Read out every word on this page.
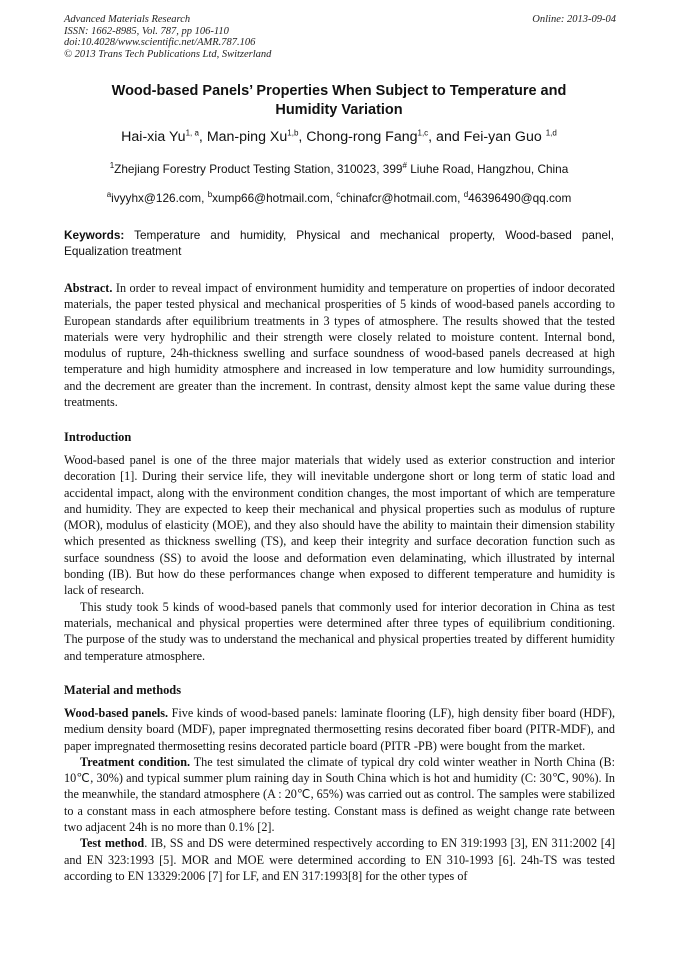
Advanced Materials Research
ISSN: 1662-8985, Vol. 787, pp 106-110
doi:10.4028/www.scientific.net/AMR.787.106
© 2013 Trans Tech Publications Ltd, Switzerland
Online: 2013-09-04
Wood-based Panels’ Properties When Subject to Temperature and
Humidity Variation
Hai-xia Yu$^{1, a}$, Man-ping Xu$^{1,b}$, Chong-rong Fang$^{1,c}$, and Fei-yan Guo $^{1,d}$
$^1$Zhejiang Forestry Product Testing Station, 310023, 399# Liuhe Road, Hangzhou, China
$^a$ivyyhx@126.com, $^b$xump66@hotmail.com, $^c$chinafcr@hotmail.com, $^d$46396490@qq.com
Keywords: Temperature and humidity, Physical and mechanical property, Wood-based panel, Equalization treatment

Abstract. In order to reveal impact of environment humidity and temperature on properties of indoor decorated materials, the paper tested physical and mechanical prosperities of 5 kinds of wood-based panels according to European standards after equilibrium treatments in 3 types of atmosphere. The results showed that the tested materials were very hydrophilic and their strength were closely related to moisture content. Internal bond, modulus of rupture, 24h-thickness swelling and surface soundness of wood-based panels decreased at high temperature and high humidity atmosphere and increased in low temperature and low humidity surroundings, and the decrement are greater than the increment. In contrast, density almost kept the same value during these treatments.

Introduction

Wood-based panel is one of the three major materials that widely used as exterior construction and interior decoration [1]. During their service life, they will inevitable undergone short or long term of static load and accidental impact, along with the environment condition changes, the most important of which are temperature and humidity. They are expected to keep their mechanical and physical properties such as modulus of rupture (MOR), modulus of elasticity (MOE), and they also should have the ability to maintain their dimension stability which presented as thickness swelling (TS), and keep their integrity and surface decoration function such as surface soundness (SS) to avoid the loose and deformation even delaminating, which illustrated by internal bonding (IB). But how do these performances change when exposed to different temperature and humidity is lack of research.

This study took 5 kinds of wood-based panels that commonly used for interior decoration in China as test materials, mechanical and physical properties were determined after three types of equilibrium conditioning. The purpose of the study was to understand the mechanical and physical properties treated by different humidity and temperature atmosphere.

Material and methods

Wood-based panels. Five kinds of wood-based panels: laminate flooring (LF), high density fiber board (HDF), medium density board (MDF), paper impregnated thermosetting resins decorated fiber board (PITR-MDF), and paper impregnated thermosetting resins decorated particle board (PITR -PB) were bought from the market.

Treatment condition. The test simulated the climate of typical dry cold winter weather in North China (B: 10℃, 30%) and typical summer plum raining day in South China which is hot and humidity (C: 30℃, 90%). In the meanwhile, the standard atmosphere (A : 20℃, 65%) was carried out as control. The samples were stabilized to a constant mass in each atmosphere before testing. Constant mass is defined as weight change rate between two adjacent 24h is no more than 0.1% [2].

Test method. IB, SS and DS were determined respectively according to EN 319:1993 [3], EN 311:2002 [4] and EN 323:1993 [5]. MOR and MOE were determined according to EN 310-1993 [6]. 24h-TS was tested according to EN 13329:2006 [7] for LF, and EN 317:1993[8] for the other types of
